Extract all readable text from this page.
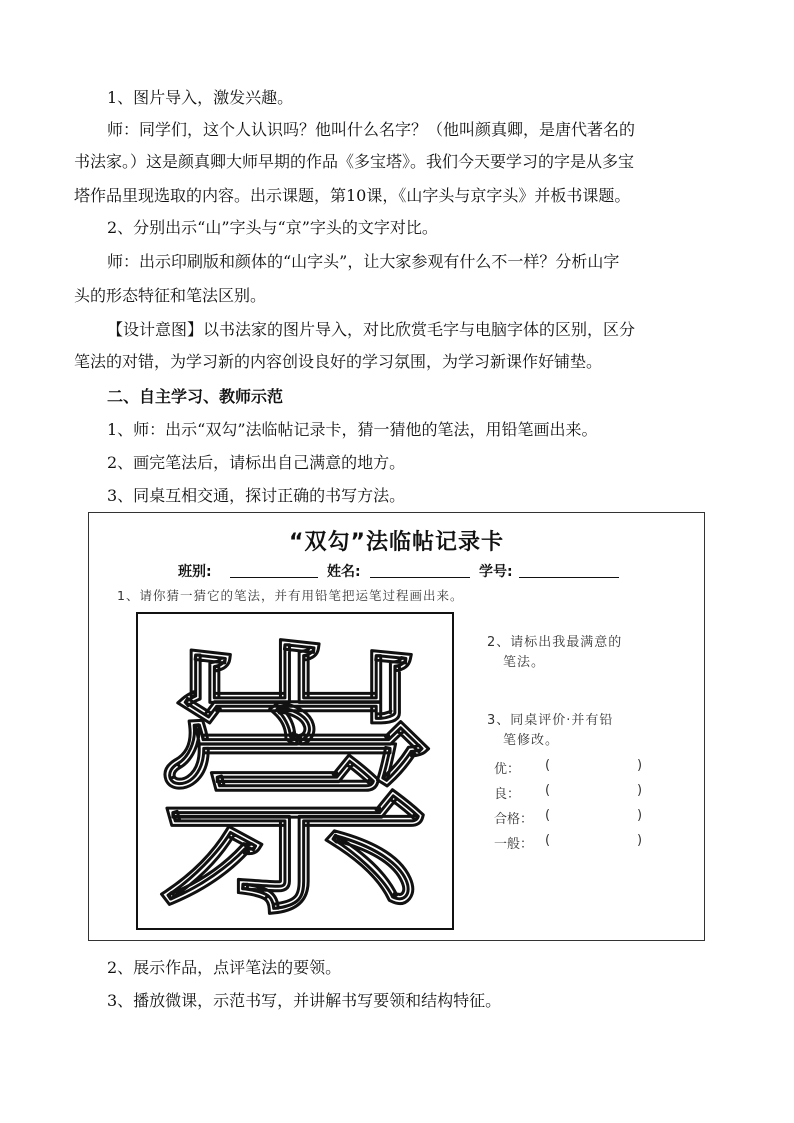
1、图片导入，激发兴趣。
师：同学们，这个人认识吗？他叫什么名字？（他叫颜真卿，是唐代著名的
书法家。）这是颜真卿大师早期的作品《多宝塔》。我们今天要学习的字是从多宝
塔作品里现选取的内容。出示课题，第10课，《山字头与京字头》并板书课题。
2、分别出示“山”字头与“京”字头的文字对比。
师：出示印刷版和颜体的“山字头”，让大家参观有什么不一样？分析山字
头的形态特征和笔法区别。
【设计意图】以书法家的图片导入，对比欣赏毛字与电脑字体的区别，区分
笔法的对错，为学习新的内容创设良好的学习氛围，为学习新课作好铺垫。
二、自主学习、教师示范
1、师：出示“双勾”法临帖记录卡，猜一猜他的笔法，用铅笔画出来。
2、画完笔法后，请标出自己满意的地方。
3、同桌互相交通，探讨正确的书写方法。
“双勾”法临帖记录卡
班别:	姓名:	学号:
1、请你猜一猜它的笔法，并有用铅笔把运笔过程画出来。
崇	2、请标出我最满意的
笔法。
3、同桌评价·并有铅
笔修改。
优： (	)
良： (	)
合格： (	)
一般： (	)
2、展示作品，点评笔法的要领。
3、播放微课，示范书写，并讲解书写要领和结构特征。
